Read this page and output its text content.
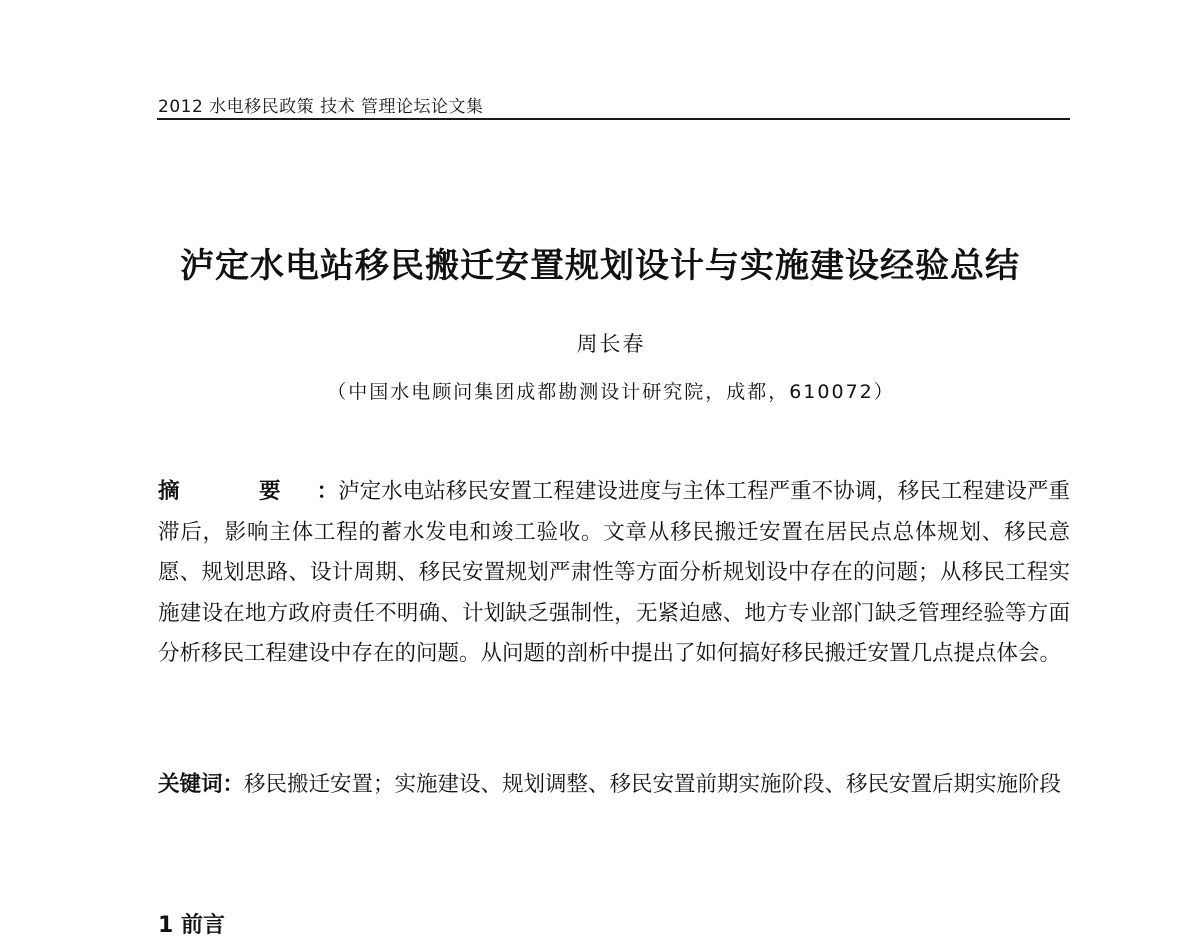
2012 水电移民政策 技术 管理论坛论文集
泸定水电站移民搬迁安置规划设计与实施建设经验总结
周长春
（中国水电顾问集团成都勘测设计研究院，成都，610072）
摘 要：泸定水电站移民安置工程建设进度与主体工程严重不协调，移民工程建设严重滞后，影响主体工程的蓄水发电和竣工验收。文章从移民搬迁安置在居民点总体规划、移民意愿、规划思路、设计周期、移民安置规划严肃性等方面分析规划设中存在的问题；从移民工程实施建设在地方政府责任不明确、计划缺乏强制性，无紧迫感、地方专业部门缺乏管理经验等方面分析移民工程建设中存在的问题。从问题的剖析中提出了如何搞好移民搬迁安置几点提点体会。
关键词：移民搬迁安置；实施建设、规划调整、移民安置前期实施阶段、移民安置后期实施阶段
1 前言
